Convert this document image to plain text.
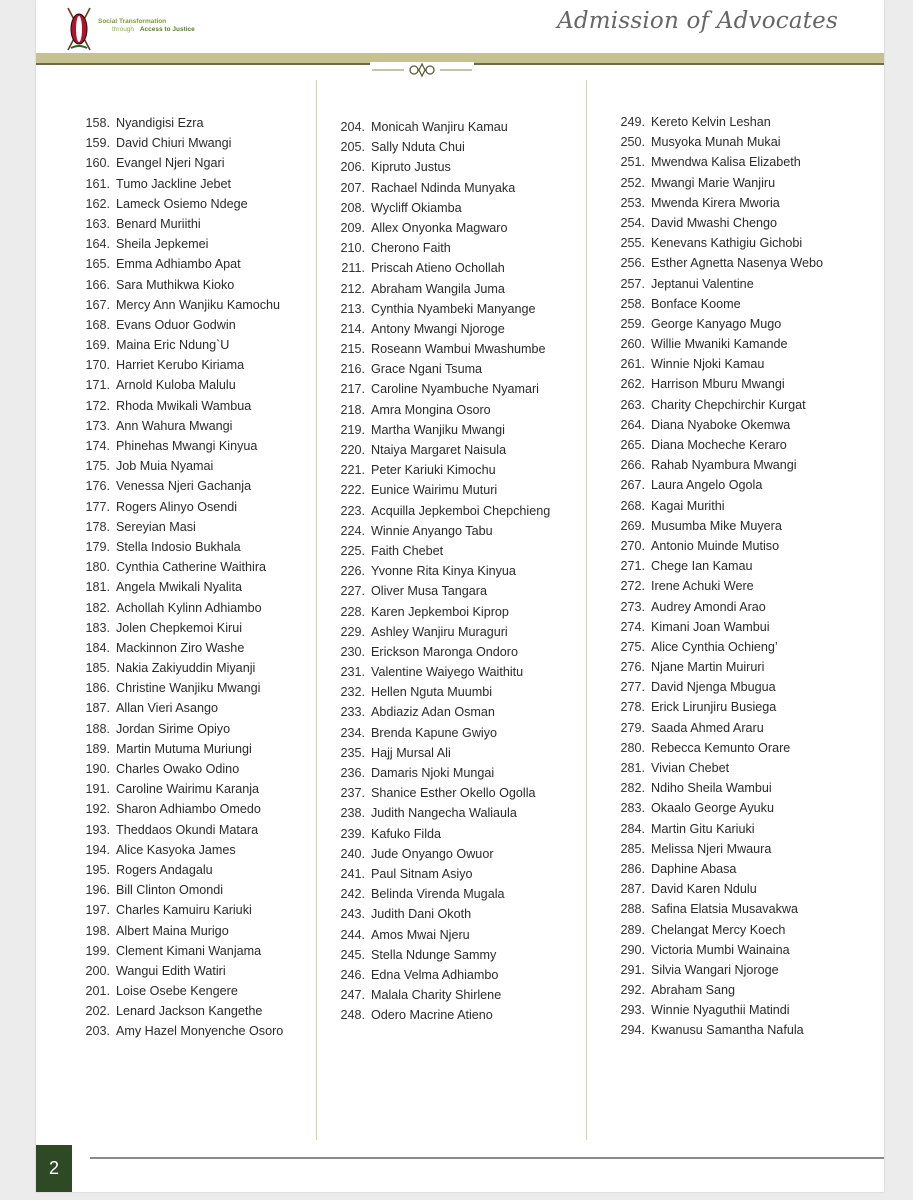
Social Transformation
through Access to Justice	Admission of Advocates
158. Nyandigisi Ezra
159. David Chiuri Mwangi
160. Evangel Njeri Ngari
161. Tumo Jackline Jebet
162. Lameck Osiemo Ndege
163. Benard Muriithi
164. Sheila Jepkemei
165. Emma Adhiambo Apat
166. Sara Muthikwa Kioko
167. Mercy Ann Wanjiku Kamochu
168. Evans Oduor Godwin
169. Maina Eric Ndung`U
170. Harriet Kerubo Kiriama
171. Arnold Kuloba Malulu
172. Rhoda Mwikali Wambua
173. Ann Wahura Mwangi
174. Phinehas Mwangi Kinyua
175. Job Muia Nyamai
176. Venessa Njeri Gachanja
177. Rogers Alinyo Osendi
178. Sereyian Masi
179. Stella Indosio Bukhala
180. Cynthia Catherine Waithira
181. Angela Mwikali Nyalita
182. Achollah Kylinn Adhiambo
183. Jolen Chepkemoi Kirui
184. Mackinnon Ziro Washe
185. Nakia Zakiyuddin Miyanji
186. Christine Wanjiku Mwangi
187. Allan Vieri Asango
188. Jordan Sirime Opiyo
189. Martin Mutuma Muriungi
190. Charles Owako Odino
191. Caroline Wairimu Karanja
192. Sharon Adhiambo Omedo
193. Theddaos Okundi Matara
194. Alice Kasyoka James
195. Rogers Andagalu
196. Bill Clinton Omondi
197. Charles Kamuiru Kariuki
198. Albert Maina Murigo
199. Clement Kimani Wanjama
200. Wangui Edith Watiri
201. Loise Osebe Kengere
202. Lenard Jackson Kangethe
203. Amy Hazel Monyenche Osoro
204. Monicah Wanjiru Kamau
205. Sally Nduta Chui
206. Kipruto Justus
207. Rachael Ndinda Munyaka
208. Wycliff Okiamba
209. Allex Onyonka Magwaro
210. Cherono Faith
211. Priscah Atieno Ochollah
212. Abraham Wangila Juma
213. Cynthia Nyambeki Manyange
214. Antony Mwangi Njoroge
215. Roseann Wambui Mwashumbe
216. Grace Ngani Tsuma
217. Caroline Nyambuche Nyamari
218. Amra Mongina Osoro
219. Martha Wanjiku Mwangi
220. Ntaiya Margaret Naisula
221. Peter Kariuki Kimochu
222. Eunice Wairimu Muturi
223. Acquilla Jepkemboi Chepchieng
224. Winnie Anyango Tabu
225. Faith Chebet
226. Yvonne Rita Kinya Kinyua
227. Oliver Musa Tangara
228. Karen Jepkemboi Kiprop
229. Ashley Wanjiru Muraguri
230. Erickson Maronga Ondoro
231. Valentine Waiyego Waithitu
232. Hellen Nguta Muumbi
233. Abdiaziz Adan Osman
234. Brenda Kapune Gwiyo
235. Hajj Mursal Ali
236. Damaris Njoki Mungai
237. Shanice Esther Okello Ogolla
238. Judith Nangecha Waliaula
239. Kafuko Filda
240. Jude Onyango Owuor
241. Paul Sitnam Asiyo
242. Belinda Virenda Mugala
243. Judith Dani Okoth
244. Amos Mwai Njeru
245. Stella Ndunge Sammy
246. Edna Velma Adhiambo
247. Malala Charity Shirlene
248. Odero Macrine Atieno
249. Kereto Kelvin Leshan
250. Musyoka Munah Mukai
251. Mwendwa Kalisa Elizabeth
252. Mwangi Marie Wanjiru
253. Mwenda Kirera Mworia
254. David Mwashi Chengo
255. Kenevans Kathigiu Gichobi
256. Esther Agnetta Nasenya Webo
257. Jeptanui Valentine
258. Bonface Koome
259. George Kanyago Mugo
260. Willie Mwaniki Kamande
261. Winnie Njoki Kamau
262. Harrison Mburu Mwangi
263. Charity Chepchirchir Kurgat
264. Diana Nyaboke Okemwa
265. Diana Mocheche Keraro
266. Rahab Nyambura Mwangi
267. Laura Angelo Ogola
268. Kagai Murithi
269. Musumba Mike Muyera
270. Antonio Muinde Mutiso
271. Chege Ian Kamau
272. Irene Achuki Were
273. Audrey Amondi Arao
274. Kimani Joan Wambui
275. Alice Cynthia Ochieng’
276. Njane Martin Muiruri
277. David Njenga Mbugua
278. Erick Lirunjiru Busiega
279. Saada Ahmed Araru
280. Rebecca Kemunto Orare
281. Vivian Chebet
282. Ndiho Sheila Wambui
283. Okaalo George Ayuku
284. Martin Gitu Kariuki
285. Melissa Njeri Mwaura
286. Daphine Abasa
287. David Karen Ndulu
288. Safina Elatsia Musavakwa
289. Chelangat Mercy Koech
290. Victoria Mumbi Wainaina
291. Silvia Wangari Njoroge
292. Abraham Sang
293. Winnie Nyaguthii Matindi
294. Kwanusu Samantha Nafula
2
